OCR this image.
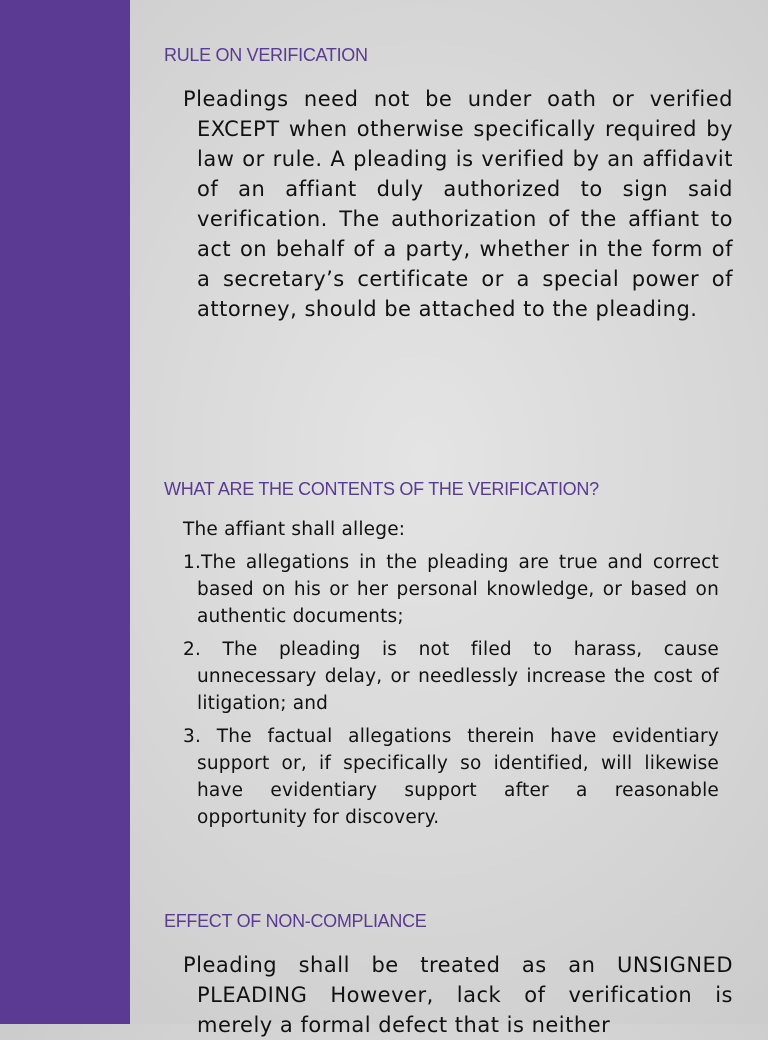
RULE ON VERIFICATION

Pleadings need not be under oath or verified EXCEPT when otherwise specifically required by law or rule. A pleading is verified by an affidavit of an affiant duly authorized to sign said verification. The authorization of the affiant to act on behalf of a party, whether in the form of a secretary’s certificate or a special power of attorney, should be attached to the pleading.

WHAT ARE THE CONTENTS OF THE VERIFICATION?

The affiant shall allege:

1.The allegations in the pleading are true and correct based on his or her personal knowledge, or based on authentic documents;

2. The pleading is not filed to harass, cause unnecessary delay, or needlessly increase the cost of litigation; and

3. The factual allegations therein have evidentiary support or, if specifically so identified, will likewise have evidentiary support after a reasonable opportunity for discovery.

EFFECT OF NON-COMPLIANCE

Pleading shall be treated as an UNSIGNED PLEADING However, lack of verification is merely a formal defect that is neither
